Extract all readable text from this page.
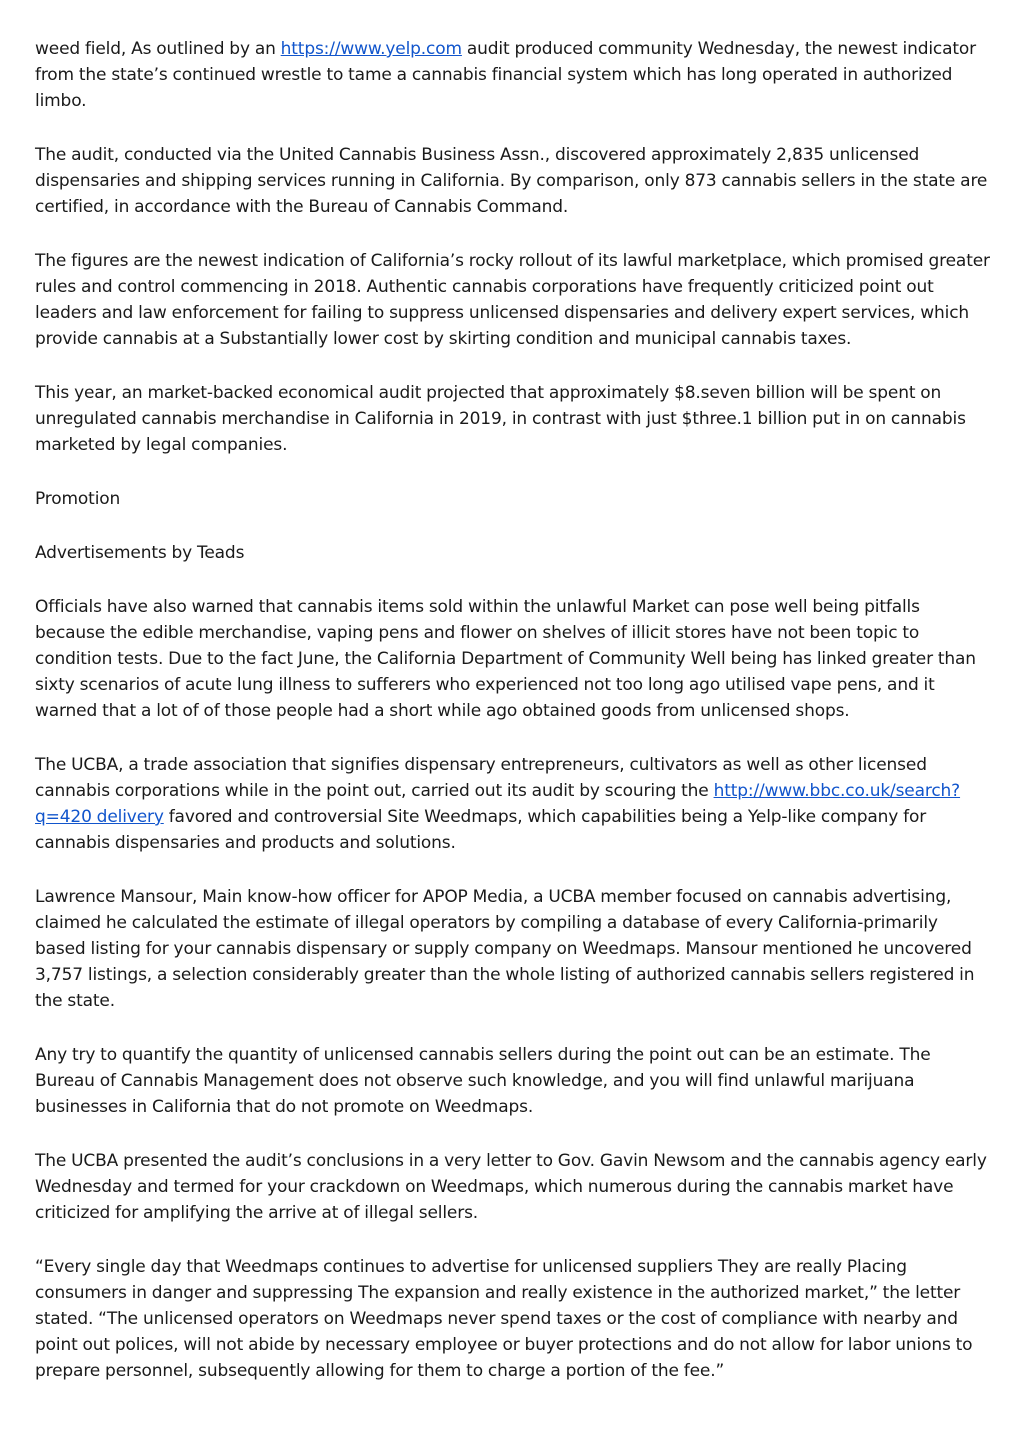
weed field, As outlined by an https://www.yelp.com audit produced community Wednesday, the newest indicator from the state’s continued wrestle to tame a cannabis financial system which has long operated in authorized limbo.

The audit, conducted via the United Cannabis Business Assn., discovered approximately 2,835 unlicensed dispensaries and shipping services running in California. By comparison, only 873 cannabis sellers in the state are certified, in accordance with the Bureau of Cannabis Command.

The figures are the newest indication of California’s rocky rollout of its lawful marketplace, which promised greater rules and control commencing in 2018. Authentic cannabis corporations have frequently criticized point out leaders and law enforcement for failing to suppress unlicensed dispensaries and delivery expert services, which provide cannabis at a Substantially lower cost by skirting condition and municipal cannabis taxes.

This year, an market-backed economical audit projected that approximately $8.seven billion will be spent on unregulated cannabis merchandise in California in 2019, in contrast with just $three.1 billion put in on cannabis marketed by legal companies.

Promotion

Advertisements by Teads

Officials have also warned that cannabis items sold within the unlawful Market can pose well being pitfalls because the edible merchandise, vaping pens and flower on shelves of illicit stores have not been topic to condition tests. Due to the fact June, the California Department of Community Well being has linked greater than sixty scenarios of acute lung illness to sufferers who experienced not too long ago utilised vape pens, and it warned that a lot of of those people had a short while ago obtained goods from unlicensed shops.

The UCBA, a trade association that signifies dispensary entrepreneurs, cultivators as well as other licensed cannabis corporations while in the point out, carried out its audit by scouring the http://www.bbc.co.uk/search?q=420 delivery favored and controversial Site Weedmaps, which capabilities being a Yelp-like company for cannabis dispensaries and products and solutions.

Lawrence Mansour, Main know-how officer for APOP Media, a UCBA member focused on cannabis advertising, claimed he calculated the estimate of illegal operators by compiling a database of every California-primarily based listing for your cannabis dispensary or supply company on Weedmaps. Mansour mentioned he uncovered 3,757 listings, a selection considerably greater than the whole listing of authorized cannabis sellers registered in the state.

Any try to quantify the quantity of unlicensed cannabis sellers during the point out can be an estimate. The Bureau of Cannabis Management does not observe such knowledge, and you will find unlawful marijuana businesses in California that do not promote on Weedmaps.

The UCBA presented the audit’s conclusions in a very letter to Gov. Gavin Newsom and the cannabis agency early Wednesday and termed for your crackdown on Weedmaps, which numerous during the cannabis market have criticized for amplifying the arrive at of illegal sellers.

“Every single day that Weedmaps continues to advertise for unlicensed suppliers They are really Placing consumers in danger and suppressing The expansion and really existence in the authorized market,” the letter stated. “The unlicensed operators on Weedmaps never spend taxes or the cost of compliance with nearby and point out polices, will not abide by necessary employee or buyer protections and do not allow for labor unions to prepare personnel, subsequently allowing for them to charge a portion of the fee.”
